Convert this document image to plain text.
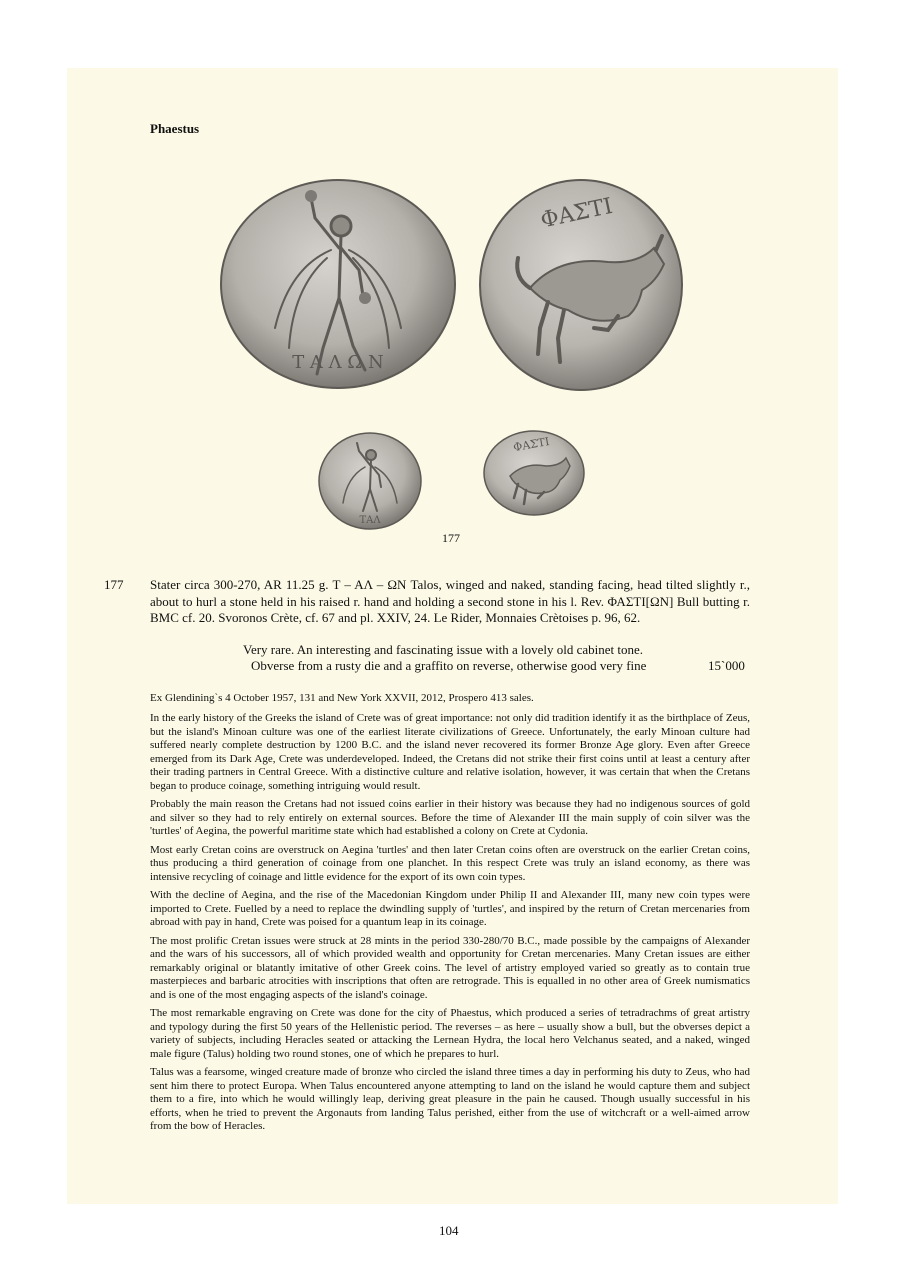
Phaestus
Τ Α Λ Ω Ν
ΦΑΣΤΙ
ΤΑΛ
ΦΑΣΤΙ
177
177 Stater circa 300-270, AR 11.25 g. Τ – ΑΛ – ΩΝ Talos, winged and naked, standing facing, head tilted slightly r., about to hurl a stone held in his raised r. hand and holding a second stone in his l. Rev. ΦΑΣΤΙ[ΩΝ] Bull butting r. BMC cf. 20. Svoronos Crète, cf. 67 and pl. XXIV, 24. Le Rider, Monnaies Crètoises p. 96, 62.
Very rare. An interesting and fascinating issue with a lovely old cabinet tone.
Obverse from a rusty die and a graffito on reverse, otherwise good very fine	15`000
Ex Glendining`s 4 October 1957, 131 and New York XXVII, 2012, Prospero 413 sales.

In the early history of the Greeks the island of Crete was of great importance: not only did tradition identify it as the birthplace of Zeus, but the island's Minoan culture was one of the earliest literate civilizations of Greece. Unfortunately, the early Minoan culture had suffered nearly complete destruction by 1200 B.C. and the island never recovered its former Bronze Age glory. Even after Greece emerged from its Dark Age, Crete was underdeveloped. Indeed, the Cretans did not strike their first coins until at least a century after their trading partners in Central Greece. With a distinctive culture and relative isolation, however, it was certain that when the Cretans began to produce coinage, something intriguing would result.

Probably the main reason the Cretans had not issued coins earlier in their history was because they had no indigenous sources of gold and silver so they had to rely entirely on external sources. Before the time of Alexander III the main supply of coin silver was the 'turtles' of Aegina, the powerful maritime state which had established a colony on Crete at Cydonia.

Most early Cretan coins are overstruck on Aegina 'turtles' and then later Cretan coins often are overstruck on the earlier Cretan coins, thus producing a third generation of coinage from one planchet. In this respect Crete was truly an island economy, as there was intensive recycling of coinage and little evidence for the export of its own coin types.

With the decline of Aegina, and the rise of the Macedonian Kingdom under Philip II and Alexander III, many new coin types were imported to Crete. Fuelled by a need to replace the dwindling supply of 'turtles', and inspired by the return of Cretan mercenaries from abroad with pay in hand, Crete was poised for a quantum leap in its coinage.

The most prolific Cretan issues were struck at 28 mints in the period 330-280/70 B.C., made possible by the campaigns of Alexander and the wars of his successors, all of which provided wealth and opportunity for Cretan mercenaries. Many Cretan issues are either remarkably original or blatantly imitative of other Greek coins. The level of artistry employed varied so greatly as to contain true masterpieces and barbaric atrocities with inscriptions that often are retrograde. This is equalled in no other area of Greek numismatics and is one of the most engaging aspects of the island's coinage.

The most remarkable engraving on Crete was done for the city of Phaestus, which produced a series of tetradrachms of great artistry and typology during the first 50 years of the Hellenistic period. The reverses – as here – usually show a bull, but the obverses depict a variety of subjects, including Heracles seated or attacking the Lernean Hydra, the local hero Velchanus seated, and a naked, winged male figure (Talus) holding two round stones, one of which he prepares to hurl.

Talus was a fearsome, winged creature made of bronze who circled the island three times a day in performing his duty to Zeus, who had sent him there to protect Europa. When Talus encountered anyone attempting to land on the island he would capture them and subject them to a fire, into which he would willingly leap, deriving great pleasure in the pain he caused. Though usually successful in his efforts, when he tried to prevent the Argonauts from landing Talus perished, either from the use of witchcraft or a well-aimed arrow from the bow of Heracles.

104
